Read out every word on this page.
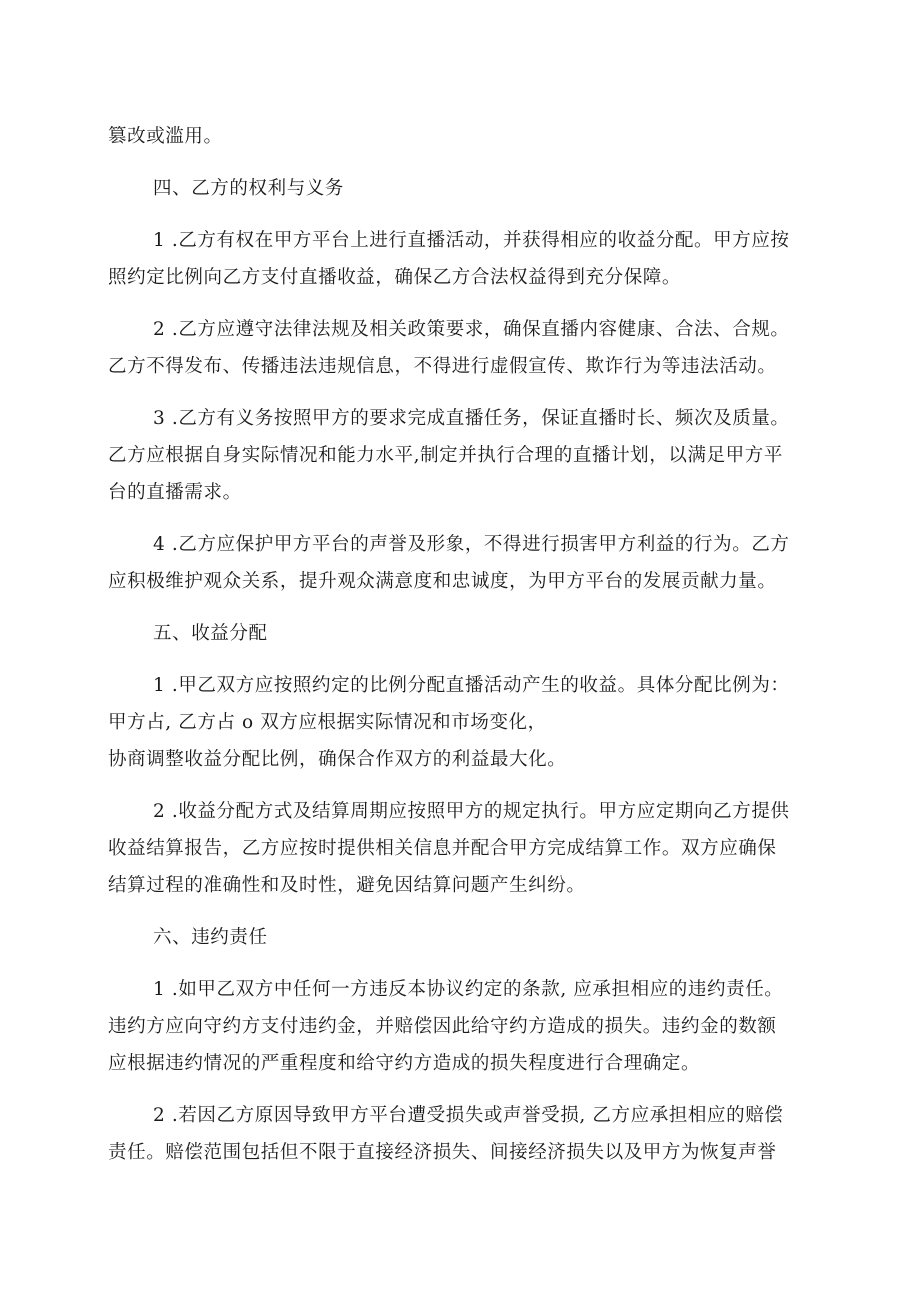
篡改或滥用。
四、乙方的权利与义务
1 .乙方有权在甲方平台上进行直播活动，并获得相应的收益分配。甲方应按
照约定比例向乙方支付直播收益，确保乙方合法权益得到充分保障。
2 .乙方应遵守法律法规及相关政策要求，确保直播内容健康、合法、合规。
乙方不得发布、传播违法违规信息，不得进行虚假宣传、欺诈行为等违法活动。
3 .乙方有义务按照甲方的要求完成直播任务，保证直播时长、频次及质量。
乙方应根据自身实际情况和能力水平,制定并执行合理的直播计划，以满足甲方平
台的直播需求。
4 .乙方应保护甲方平台的声誉及形象，不得进行损害甲方利益的行为。乙方
应积极维护观众关系，提升观众满意度和忠诚度，为甲方平台的发展贡献力量。
五、收益分配
1 .甲乙双方应按照约定的比例分配直播活动产生的收益。具体分配比例为：
甲方占, 乙方占 o 双方应根据实际情况和市场变化，
协商调整收益分配比例，确保合作双方的利益最大化。
2 .收益分配方式及结算周期应按照甲方的规定执行。甲方应定期向乙方提供
收益结算报告，乙方应按时提供相关信息并配合甲方完成结算工作。双方应确保
结算过程的准确性和及时性，避免因结算问题产生纠纷。
六、违约责任
1 .如甲乙双方中任何一方违反本协议约定的条款, 应承担相应的违约责任。
违约方应向守约方支付违约金，并赔偿因此给守约方造成的损失。违约金的数额
应根据违约情况的严重程度和给守约方造成的损失程度进行合理确定。
2 .若因乙方原因导致甲方平台遭受损失或声誉受损, 乙方应承担相应的赔偿
责任。赔偿范围包括但不限于直接经济损失、间接经济损失以及甲方为恢复声誉
